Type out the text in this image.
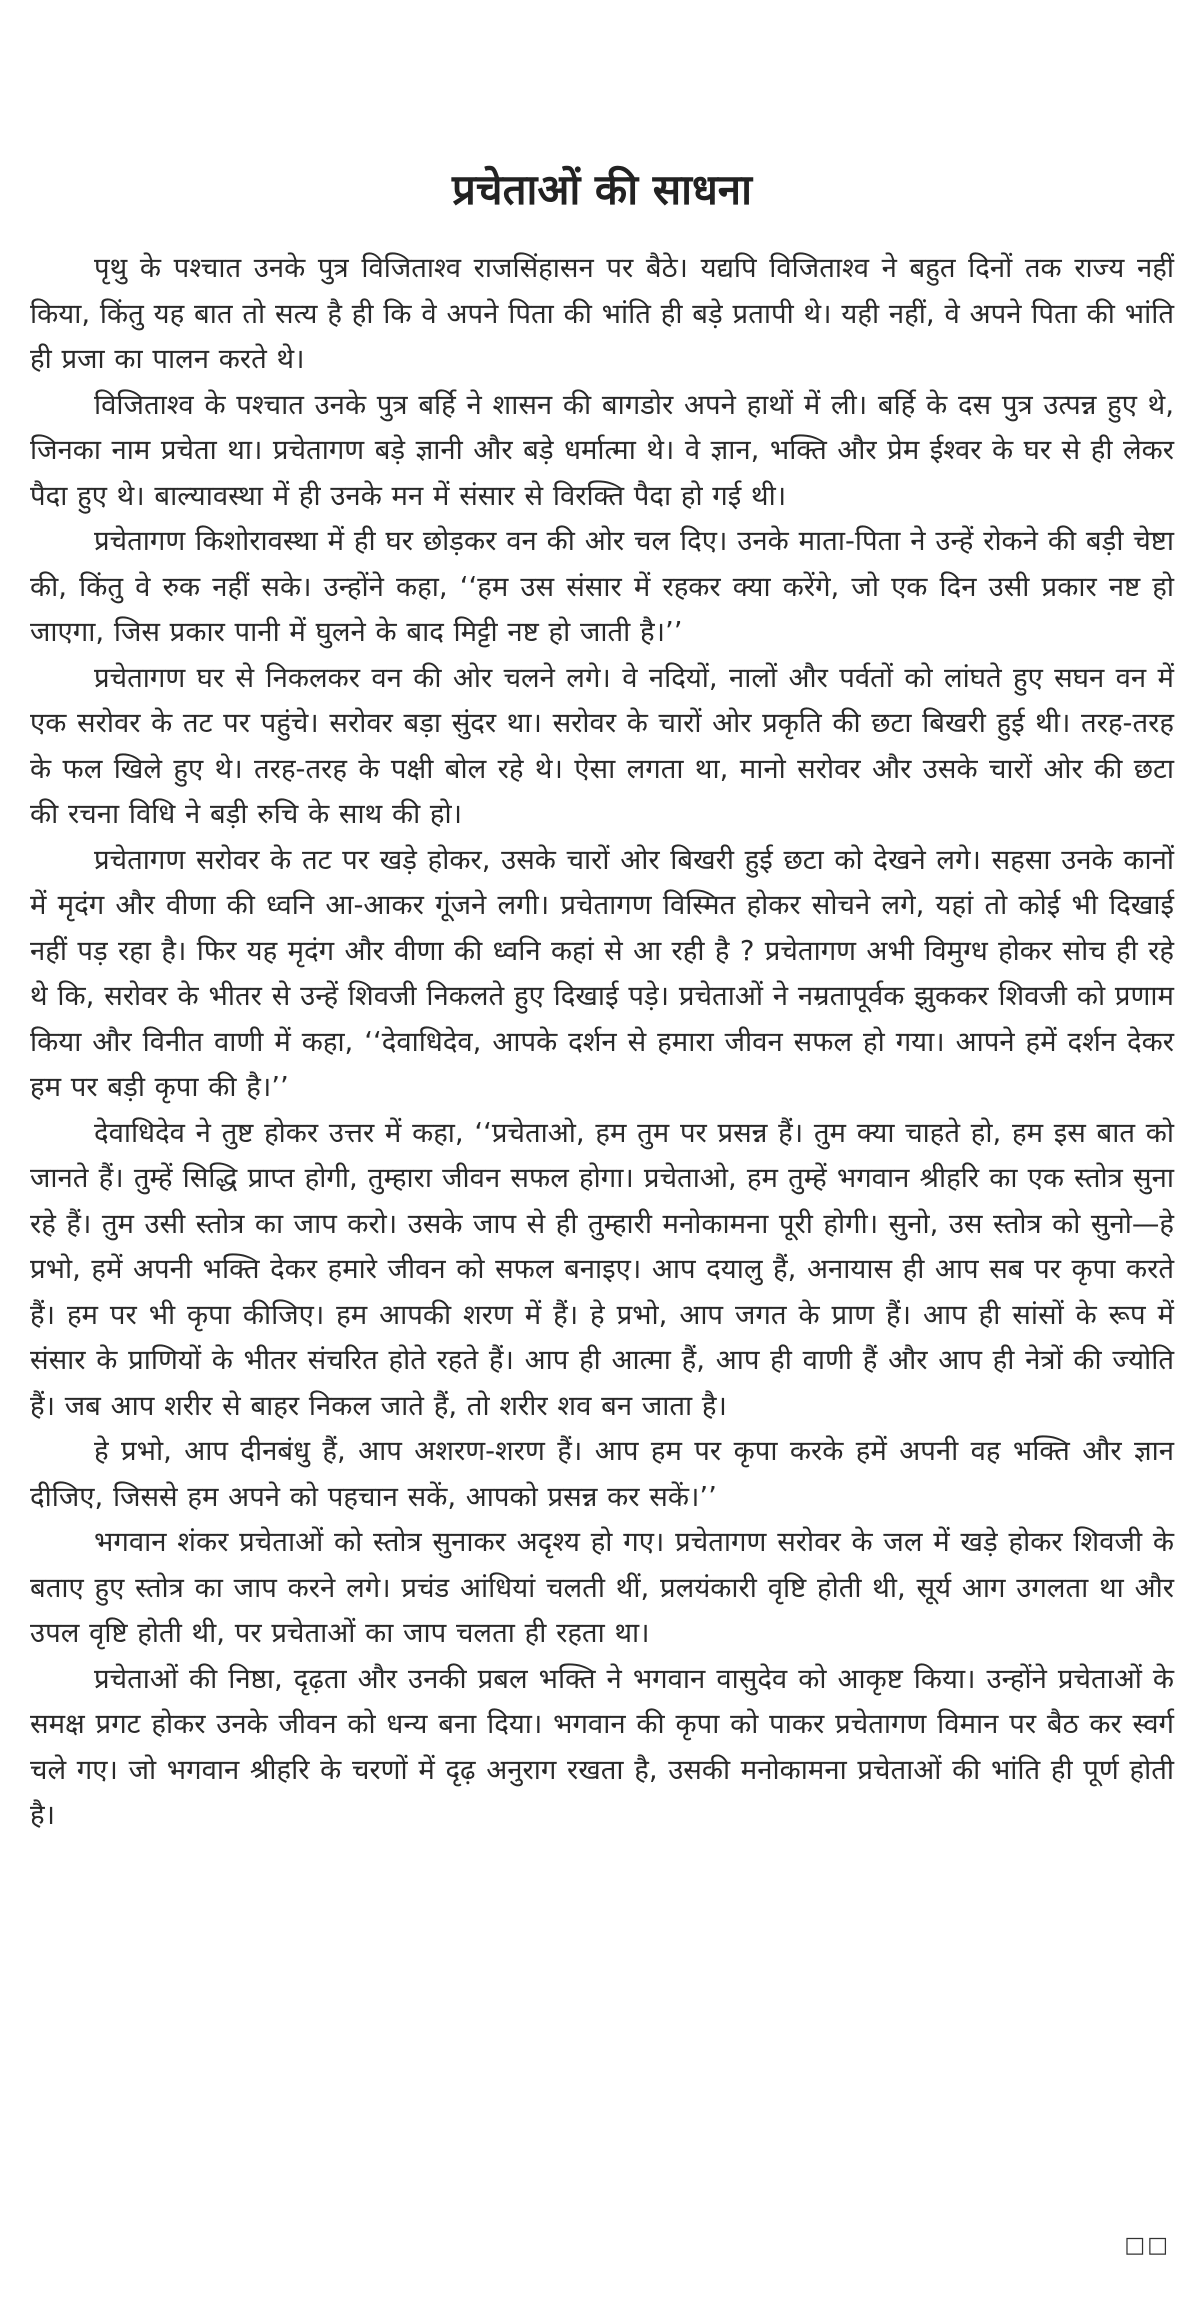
प्रचेताओं की साधना

पृथु के पश्चात उनके पुत्र विजिताश्व राजसिंहासन पर बैठे। यद्यपि विजिताश्व ने बहुत दिनों तक राज्य नहीं किया, किंतु यह बात तो सत्य है ही कि वे अपने पिता की भांति ही बड़े प्रतापी थे। यही नहीं, वे अपने पिता की भांति ही प्रजा का पालन करते थे।

विजिताश्व के पश्चात उनके पुत्र बर्हि ने शासन की बागडोर अपने हाथों में ली। बर्हि के दस पुत्र उत्पन्न हुए थे, जिनका नाम प्रचेता था। प्रचेतागण बड़े ज्ञानी और बड़े धर्मात्मा थे। वे ज्ञान, भक्ति और प्रेम ईश्वर के घर से ही लेकर पैदा हुए थे। बाल्यावस्था में ही उनके मन में संसार से विरक्ति पैदा हो गई थी।

प्रचेतागण किशोरावस्था में ही घर छोड़कर वन की ओर चल दिए। उनके माता-पिता ने उन्हें रोकने की बड़ी चेष्टा की, किंतु वे रुक नहीं सके। उन्होंने कहा, ‘‘हम उस संसार में रहकर क्या करेंगे, जो एक दिन उसी प्रकार नष्ट हो जाएगा, जिस प्रकार पानी में घुलने के बाद मिट्टी नष्ट हो जाती है।’’

प्रचेतागण घर से निकलकर वन की ओर चलने लगे। वे नदियों, नालों और पर्वतों को लांघते हुए सघन वन में एक सरोवर के तट पर पहुंचे। सरोवर बड़ा सुंदर था। सरोवर के चारों ओर प्रकृति की छटा बिखरी हुई थी। तरह-तरह के फल खिले हुए थे। तरह-तरह के पक्षी बोल रहे थे। ऐसा लगता था, मानो सरोवर और उसके चारों ओर की छटा की रचना विधि ने बड़ी रुचि के साथ की हो।

प्रचेतागण सरोवर के तट पर खड़े होकर, उसके चारों ओर बिखरी हुई छटा को देखने लगे। सहसा उनके कानों में मृदंग और वीणा की ध्वनि आ-आकर गूंजने लगी। प्रचेतागण विस्मित होकर सोचने लगे, यहां तो कोई भी दिखाई नहीं पड़ रहा है। फिर यह मृदंग और वीणा की ध्वनि कहां से आ रही है ? प्रचेतागण अभी विमुग्ध होकर सोच ही रहे थे कि, सरोवर के भीतर से उन्हें शिवजी निकलते हुए दिखाई पड़े। प्रचेताओं ने नम्रतापूर्वक झुककर शिवजी को प्रणाम किया और विनीत वाणी में कहा, ‘‘देवाधिदेव, आपके दर्शन से हमारा जीवन सफल हो गया। आपने हमें दर्शन देकर हम पर बड़ी कृपा की है।’’

देवाधिदेव ने तुष्ट होकर उत्तर में कहा, ‘‘प्रचेताओ, हम तुम पर प्रसन्न हैं। तुम क्या चाहते हो, हम इस बात को जानते हैं। तुम्हें सिद्धि प्राप्त होगी, तुम्हारा जीवन सफल होगा। प्रचेताओ, हम तुम्हें भगवान श्रीहरि का एक स्तोत्र सुना रहे हैं। तुम उसी स्तोत्र का जाप करो। उसके जाप से ही तुम्हारी मनोकामना पूरी होगी। सुनो, उस स्तोत्र को सुनो—हे प्रभो, हमें अपनी भक्ति देकर हमारे जीवन को सफल बनाइए। आप दयालु हैं, अनायास ही आप सब पर कृपा करते हैं। हम पर भी कृपा कीजिए। हम आपकी शरण में हैं। हे प्रभो, आप जगत के प्राण हैं। आप ही सांसों के रूप में संसार के प्राणियों के भीतर संचरित होते रहते हैं। आप ही आत्मा हैं, आप ही वाणी हैं और आप ही नेत्रों की ज्योति हैं। जब आप शरीर से बाहर निकल जाते हैं, तो शरीर शव बन जाता है।

हे प्रभो, आप दीनबंधु हैं, आप अशरण-शरण हैं। आप हम पर कृपा करके हमें अपनी वह भक्ति और ज्ञान दीजिए, जिससे हम अपने को पहचान सकें, आपको प्रसन्न कर सकें।’’

भगवान शंकर प्रचेताओं को स्तोत्र सुनाकर अदृश्य हो गए। प्रचेतागण सरोवर के जल में खड़े होकर शिवजी के बताए हुए स्तोत्र का जाप करने लगे। प्रचंड आंधियां चलती थीं, प्रलयंकारी वृष्टि होती थी, सूर्य आग उगलता था और उपल वृष्टि होती थी, पर प्रचेताओं का जाप चलता ही रहता था।

प्रचेताओं की निष्ठा, दृढ़ता और उनकी प्रबल भक्ति ने भगवान वासुदेव को आकृष्ट किया। उन्होंने प्रचेताओं के समक्ष प्रगट होकर उनके जीवन को धन्य बना दिया। भगवान की कृपा को पाकर प्रचेतागण विमान पर बैठ कर स्वर्ग चले गए। जो भगवान श्रीहरि के चरणों में दृढ़ अनुराग रखता है, उसकी मनोकामना प्रचेताओं की भांति ही पूर्ण होती है।

□□
